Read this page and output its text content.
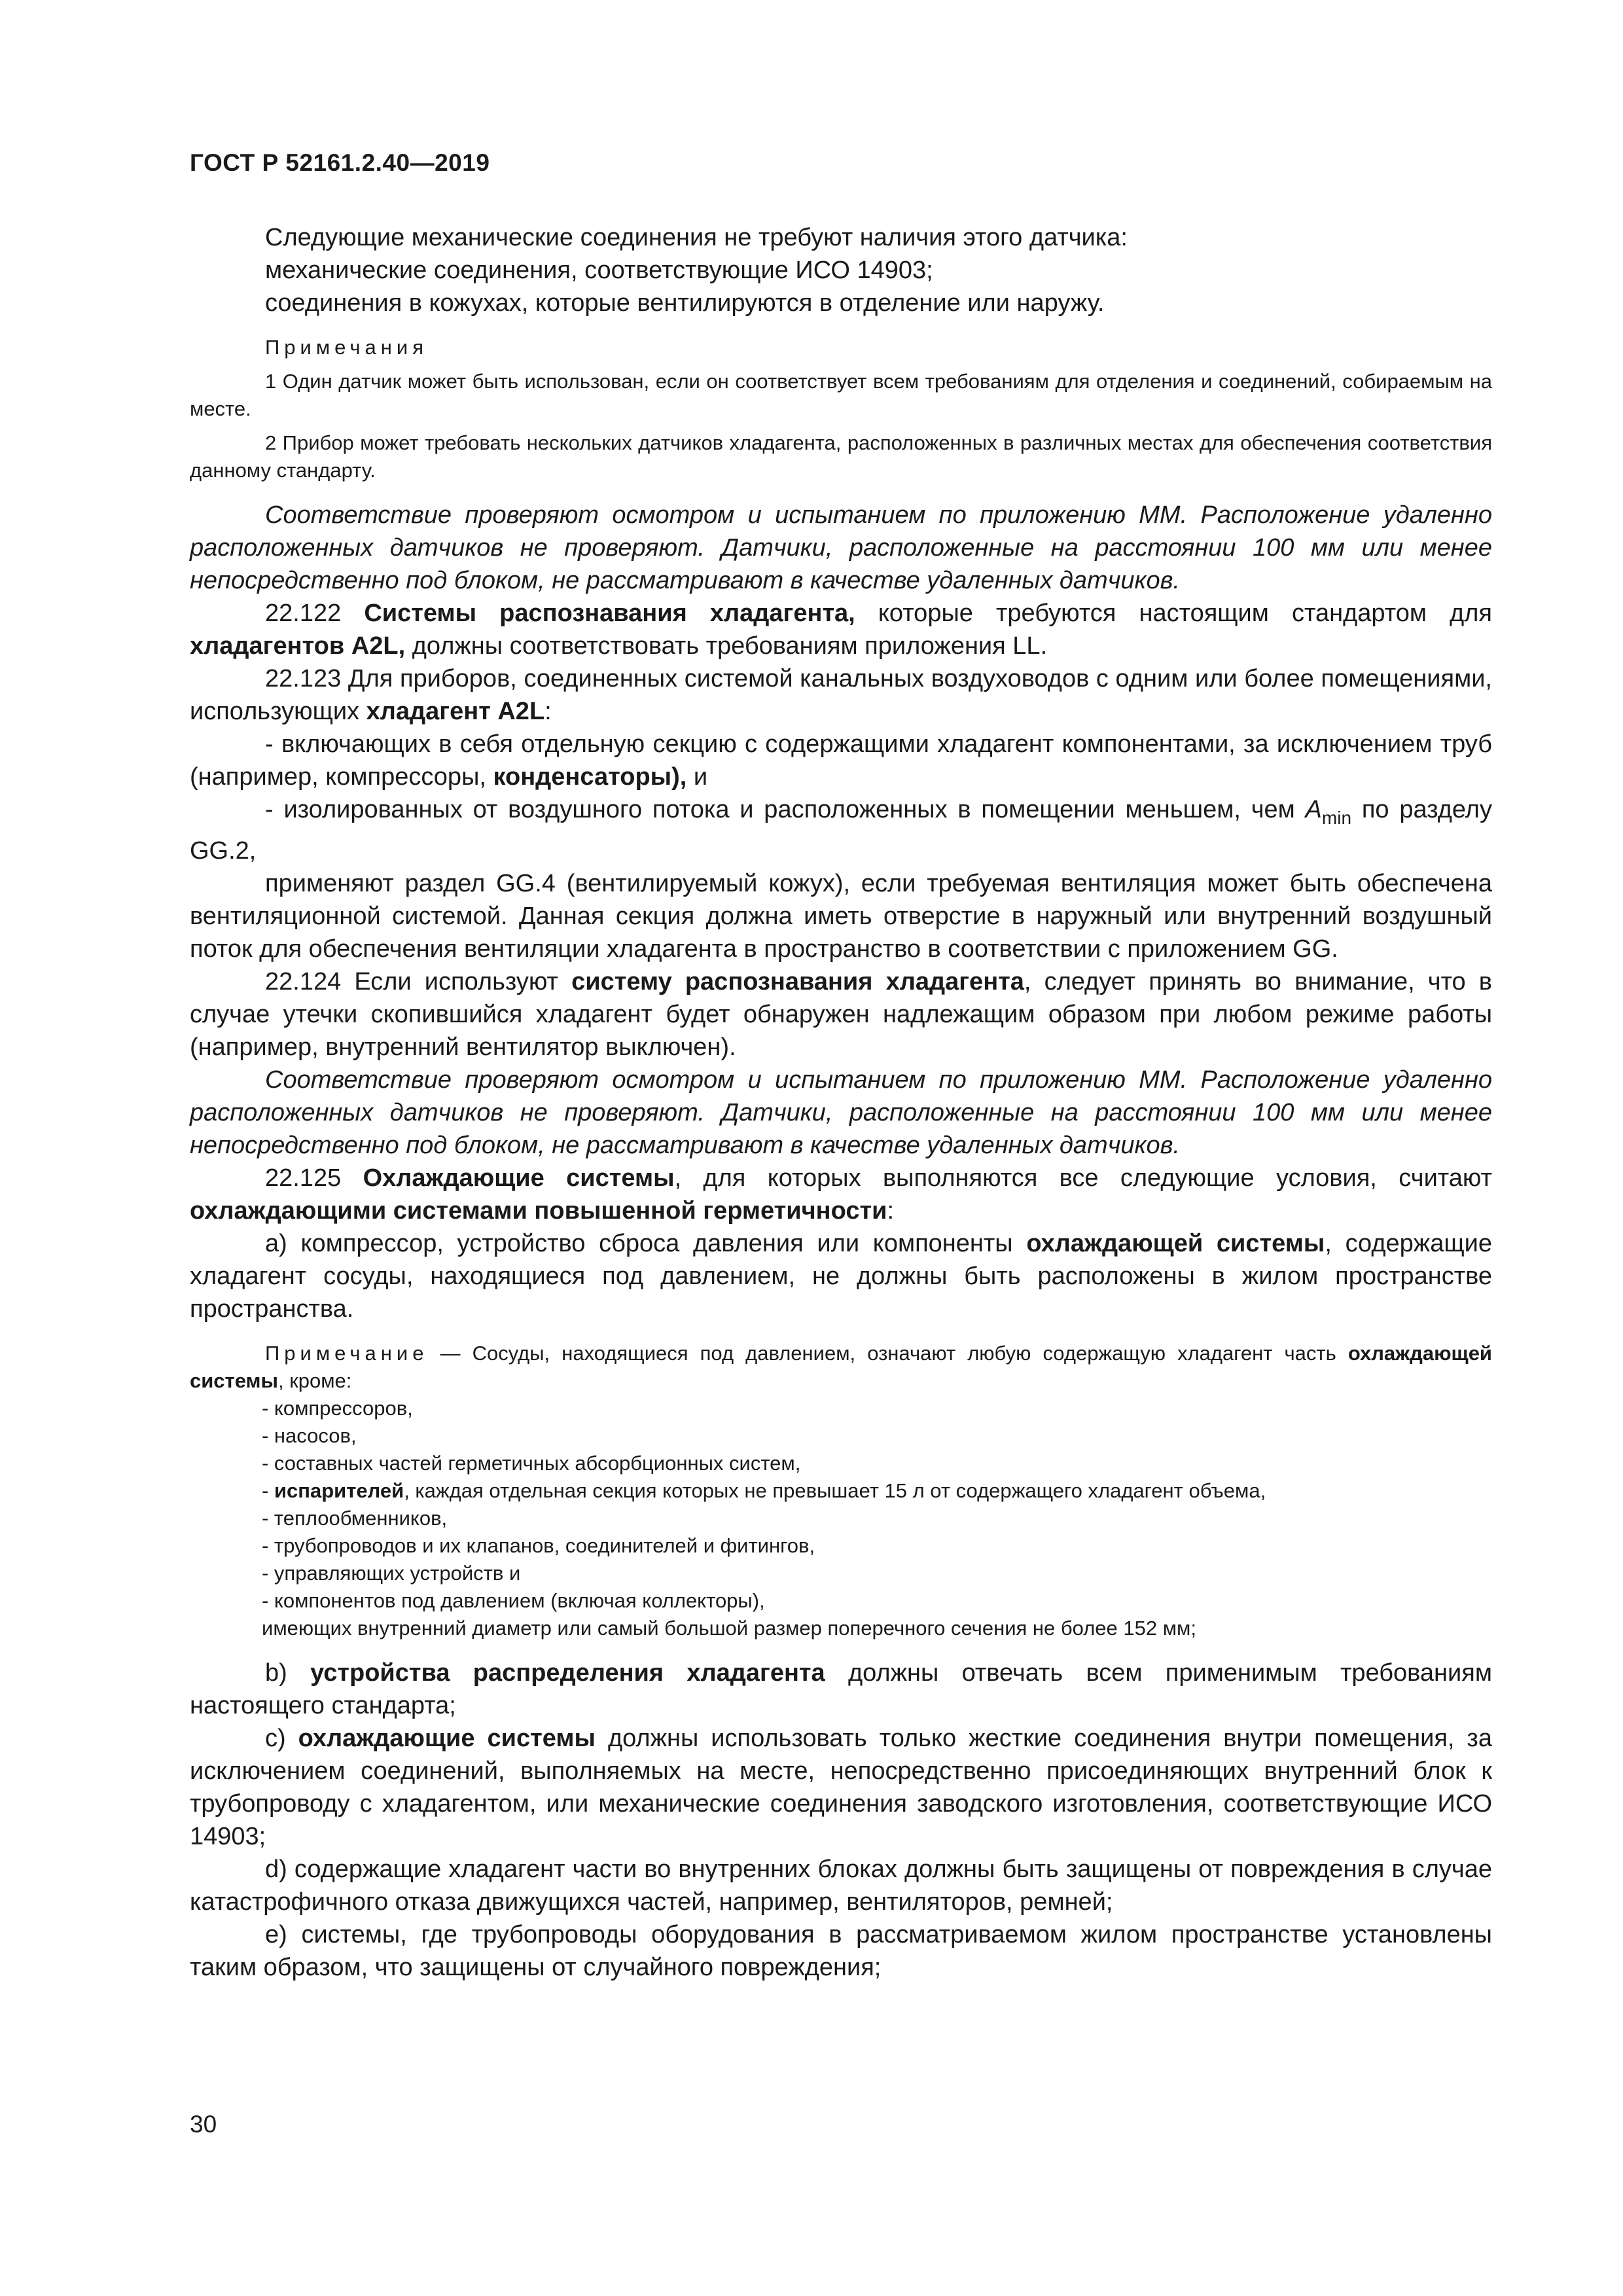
ГОСТ Р 52161.2.40—2019

Следующие механические соединения не требуют наличия этого датчика:

механические соединения, соответствующие ИСО 14903;

соединения в кожухах, которые вентилируются в отделение или наружу.

Примечания

1 Один датчик может быть использован, если он соответствует всем требованиям для отделения и соединений, собираемым на месте.

2 Прибор может требовать нескольких датчиков хладагента, расположенных в различных местах для обеспечения соответствия данному стандарту.

Соответствие проверяют осмотром и испытанием по приложению ММ. Расположение удаленно расположенных датчиков не проверяют. Датчики, расположенные на расстоянии 100 мм или менее непосредственно под блоком, не рассматривают в качестве удаленных датчиков.

22.122 Системы распознавания хладагента, которые требуются настоящим стандартом для хладагентов A2L, должны соответствовать требованиям приложения LL.

22.123 Для приборов, соединенных системой канальных воздуховодов с одним или более помещениями, использующих хладагент A2L:

- включающих в себя отдельную секцию с содержащими хладагент компонентами, за исключением труб (например, компрессоры, конденсаторы), и

- изолированных от воздушного потока и расположенных в помещении меньшем, чем $A_{min}$ по разделу GG.2,

применяют раздел GG.4 (вентилируемый кожух), если требуемая вентиляция может быть обеспечена вентиляционной системой. Данная секция должна иметь отверстие в наружный или внутренний воздушный поток для обеспечения вентиляции хладагента в пространство в соответствии с приложением GG.

22.124 Если используют систему распознавания хладагента, следует принять во внимание, что в случае утечки скопившийся хладагент будет обнаружен надлежащим образом при любом режиме работы (например, внутренний вентилятор выключен).

Соответствие проверяют осмотром и испытанием по приложению ММ. Расположение удаленно расположенных датчиков не проверяют. Датчики, расположенные на расстоянии 100 мм или менее непосредственно под блоком, не рассматривают в качестве удаленных датчиков.

22.125 Охлаждающие системы, для которых выполняются все следующие условия, считают охлаждающими системами повышенной герметичности:

a) компрессор, устройство сброса давления или компоненты охлаждающей системы, содержащие хладагент сосуды, находящиеся под давлением, не должны быть расположены в жилом пространстве пространства.

Примечание — Сосуды, находящиеся под давлением, означают любую содержащую хладагент часть охлаждающей системы, кроме:

- компрессоров,

- насосов,

- составных частей герметичных абсорбционных систем,

- испарителей, каждая отдельная секция которых не превышает 15 л от содержащего хладагент объема,

- теплообменников,

- трубопроводов и их клапанов, соединителей и фитингов,

- управляющих устройств и

- компонентов под давлением (включая коллекторы),

имеющих внутренний диаметр или самый большой размер поперечного сечения не более 152 мм;

b) устройства распределения хладагента должны отвечать всем применимым требованиям настоящего стандарта;

c) охлаждающие системы должны использовать только жесткие соединения внутри помещения, за исключением соединений, выполняемых на месте, непосредственно присоединяющих внутренний блок к трубопроводу с хладагентом, или механические соединения заводского изготовления, соответствующие ИСО 14903;

d) содержащие хладагент части во внутренних блоках должны быть защищены от повреждения в случае катастрофичного отказа движущихся частей, например, вентиляторов, ремней;

e) системы, где трубопроводы оборудования в рассматриваемом жилом пространстве установлены таким образом, что защищены от случайного повреждения;

30
